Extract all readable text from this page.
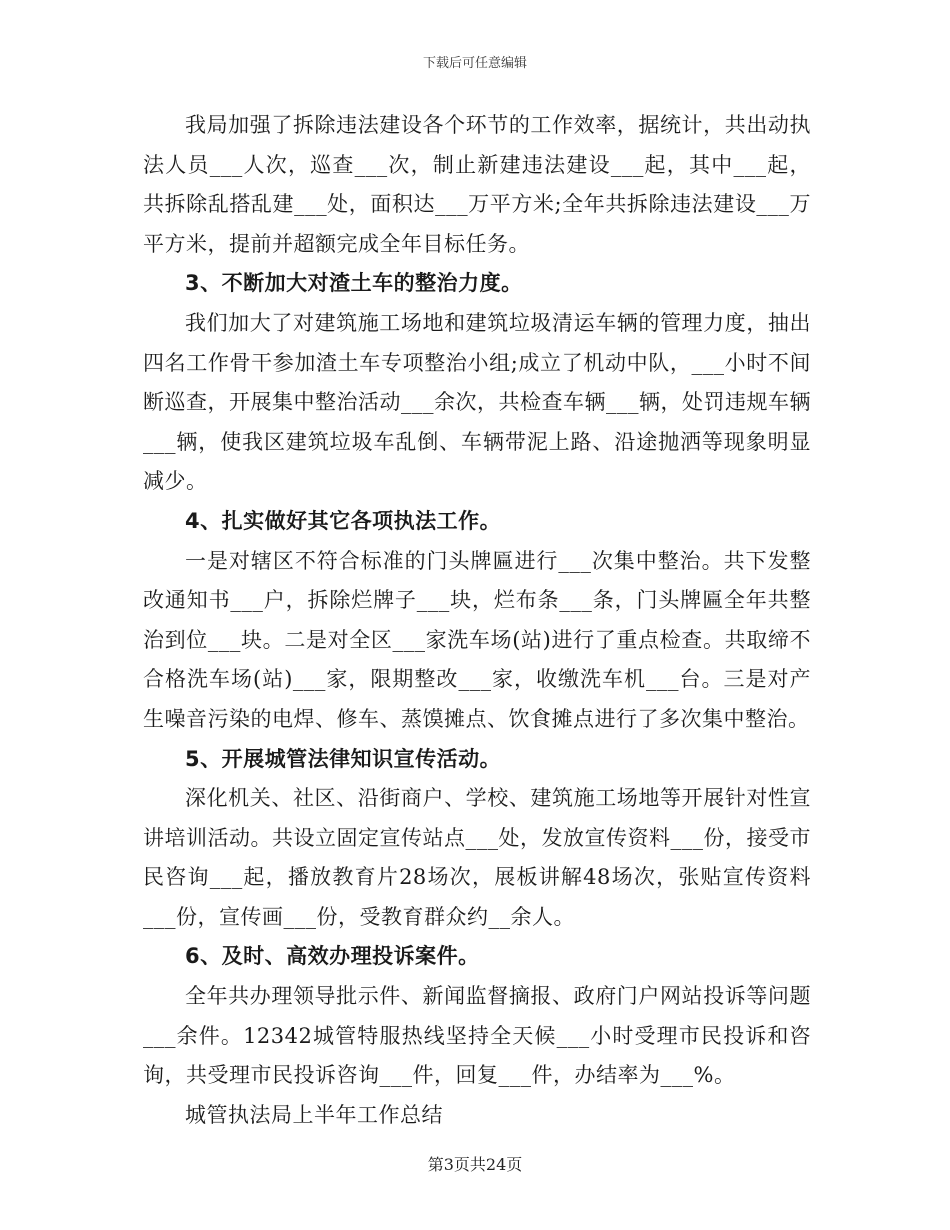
下载后可任意编辑

我局加强了拆除违法建设各个环节的工作效率，据统计，共出动执法人员___人次，巡查___次，制止新建违法建设___起，其中___起，共拆除乱搭乱建___处，面积达___万平方米;全年共拆除违法建设___万平方米，提前并超额完成全年目标任务。

3、不断加大对渣土车的整治力度。

我们加大了对建筑施工场地和建筑垃圾清运车辆的管理力度，抽出四名工作骨干参加渣土车专项整治小组;成立了机动中队，___小时不间断巡查，开展集中整治活动___余次，共检查车辆___辆，处罚违规车辆___辆，使我区建筑垃圾车乱倒、车辆带泥上路、沿途抛洒等现象明显减少。

4、扎实做好其它各项执法工作。

一是对辖区不符合标准的门头牌匾进行___次集中整治。共下发整改通知书___户，拆除烂牌子___块，烂布条___条，门头牌匾全年共整治到位___块。二是对全区___家洗车场(站)进行了重点检查。共取缔不合格洗车场(站)___家，限期整改___家，收缴洗车机___台。三是对产生噪音污染的电焊、修车、蒸馍摊点、饮食摊点进行了多次集中整治。

5、开展城管法律知识宣传活动。

深化机关、社区、沿街商户、学校、建筑施工场地等开展针对性宣讲培训活动。共设立固定宣传站点___处，发放宣传资料___份，接受市民咨询___起，播放教育片28场次，展板讲解48场次，张贴宣传资料___份，宣传画___份，受教育群众约__余人。

6、及时、高效办理投诉案件。

全年共办理领导批示件、新闻监督摘报、政府门户网站投诉等问题___余件。12342城管特服热线坚持全天候___小时受理市民投诉和咨询，共受理市民投诉咨询___件，回复___件，办结率为___%。

城管执法局上半年工作总结

第3页共24页
